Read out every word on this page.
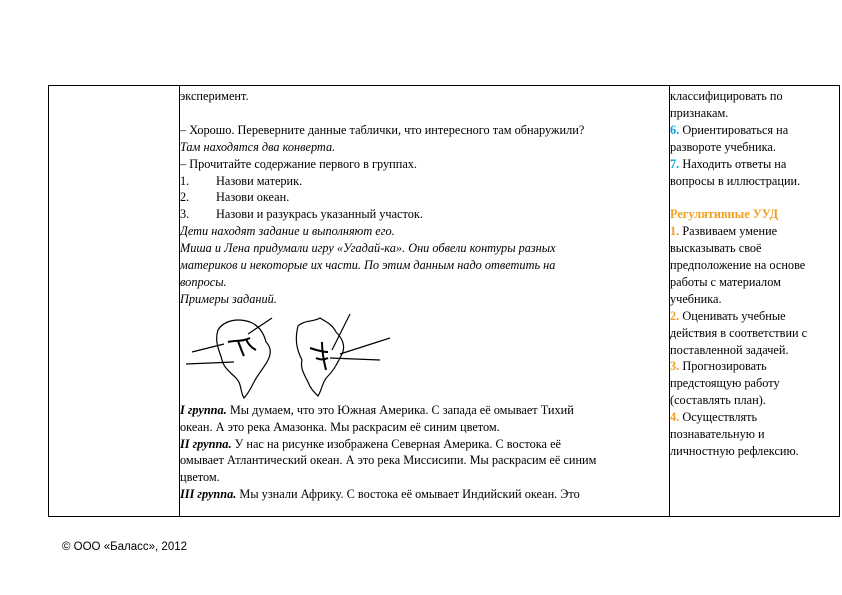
эксперимент.

– Хорошо. Переверните данные таблички, что интересного там обнаружили?

Там находятся два конверта.

– Прочитайте содержание первого в группах.

1. Назови материк.

2. Назови океан.

3. Назови и разукрась указанный участок.

Дети находят задание и выполняют его.

Миша и Лена придумали игру «Угадай-ка». Они обвели контуры разных

материков и некоторые их части. По этим данным надо ответить на

вопросы.

Примеры заданий.

I группа. Мы думаем, что это Южная Америка. С запада её омывает Тихий

океан. А это река Амазонка. Мы раскрасим её синим цветом.

II группа. У нас на рисунке изображена Северная Америка. С востока её

омывает Атлантический океан. А это река Миссисипи. Мы раскрасим её синим

цветом.

III группа. Мы узнали Африку. С востока её омывает Индийский океан. Это

классифицировать по

признакам.

6. Ориентироваться на

развороте учебника.

7. Находить ответы на

вопросы в иллюстрации.

Регулятивные УУД

1. Развиваем умение

высказывать своё

предположение на основе

работы с материалом

учебника.

2. Оценивать учебные

действия в соответствии с

поставленной задачей.

3. Прогнозировать

предстоящую работу

(составлять план).

4. Осуществлять

познавательную и

личностную рефлексию.

© ООО «Баласс», 2012
